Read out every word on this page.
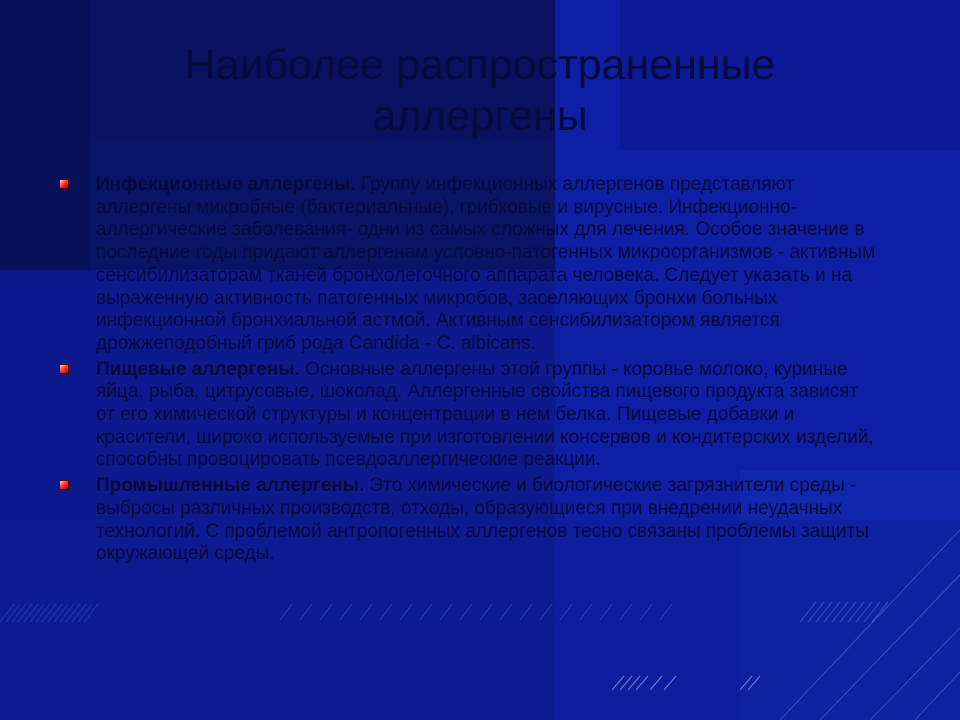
Наиболее распространенные аллергены

Инфекционные аллергены. Группу инфекционных аллергенов представляют аллергены микробные (бактериальные), грибковые и вирусные. Инфекционно-аллергические заболевания- одни из самых сложных для лечения. Особое значение в последние годы придают аллергенам условно-патогенных микроорганизмов - активным сенсибилизаторам тканей бронхолегочного аппарата человека. Следует указать и на выраженную активность патогенных микробов, заселяющих бронхи больных инфекционной бронхиальной астмой. Активным сенсибилизатором является дрожжеподобный гриб рода Candida - C. albicans.

Пищевые аллергены. Основные аллергены этой группы - коровье молоко, куриные яйца, рыба, цитрусовые, шоколад. Аллергенные свойства пищевого продукта зависят от его химической структуры и концентрации в нем белка. Пищевые добавки и красители, широко используемые при изготовлении консервов и кондитерских изделий, способны провоцировать псевдоаллергические реакции.

Промышленные аллергены. Это химические и биологические загрязнители среды - выбросы различных производств, отходы, образующиеся при внедрении неудачных технологий. С проблемой антропогенных аллергенов тесно связаны проблемы защиты окружающей среды.
